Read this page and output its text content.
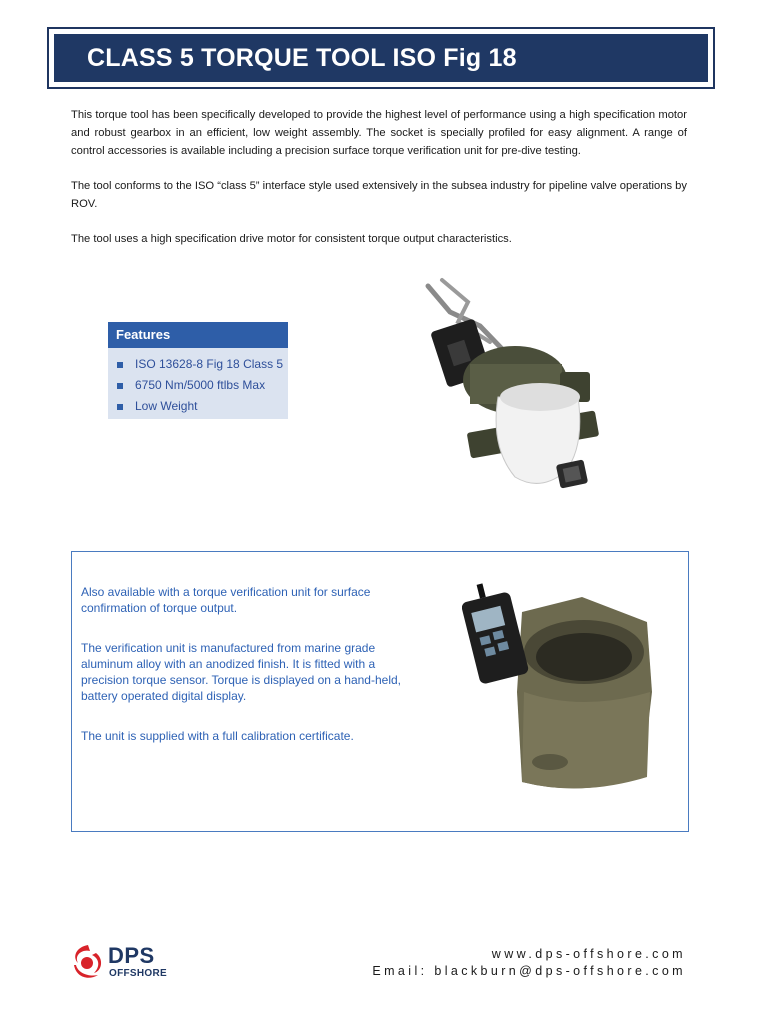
CLASS 5 TORQUE TOOL ISO Fig 18

This torque tool has been specifically developed to provide the highest level of performance using a high specification motor and robust gearbox in an efficient, low weight assembly. The socket is specially profiled for easy alignment. A range of control accessories is available including a precision surface torque verification unit for pre-dive testing.

The tool conforms to the ISO “class 5” interface style used extensively in the subsea industry for pipeline valve operations by ROV.

The tool uses a high specification drive motor for consistent torque output characteristics.

Features
ISO 13628-8 Fig 18 Class 5
6750 Nm/5000 ftlbs Max
Low Weight

Also available with a torque verification unit for surface confirmation of torque output.

The verification unit is manufactured from marine grade aluminum alloy with an anodized finish. It is fitted with a precision torque sensor. Torque is displayed on a hand-held, battery operated digital display.

The unit is supplied with a full calibration certificate.

DPS
OFFSHORE
www.dps-offshore.com
Email: blackburn@dps-offshore.com
